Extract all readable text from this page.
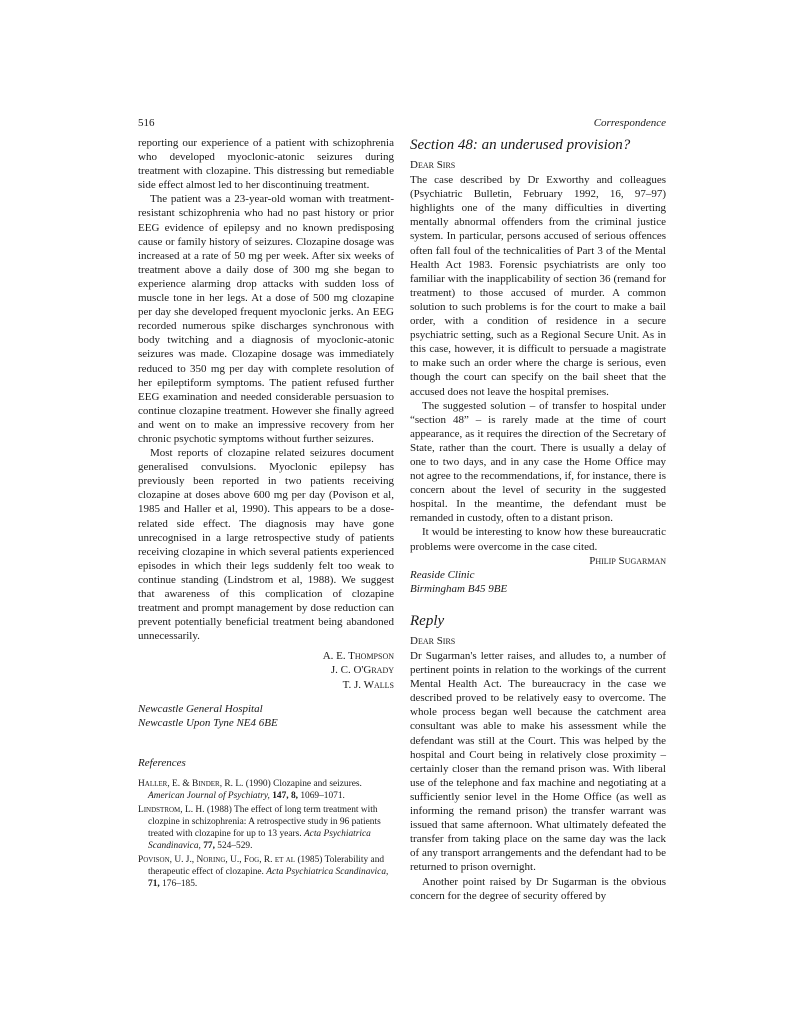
516	Correspondence

reporting our experience of a patient with schizophrenia who developed myoclonic-atonic seizures during treatment with clozapine. This distressing but remediable side effect almost led to her discontinuing treatment.

The patient was a 23-year-old woman with treatment-resistant schizophrenia who had no past history or prior EEG evidence of epilepsy and no known predisposing cause or family history of seizures. Clozapine dosage was increased at a rate of 50 mg per week. After six weeks of treatment above a daily dose of 300 mg she began to experience alarming drop attacks with sudden loss of muscle tone in her legs. At a dose of 500 mg clozapine per day she developed frequent myoclonic jerks. An EEG recorded numerous spike discharges synchronous with body twitching and a diagnosis of myoclonic-atonic seizures was made. Clozapine dosage was immediately reduced to 350 mg per day with complete resolution of her epileptiform symptoms. The patient refused further EEG examination and needed considerable persuasion to continue clozapine treatment. However she finally agreed and went on to make an impressive recovery from her chronic psychotic symptoms without further seizures.

Most reports of clozapine related seizures document generalised convulsions. Myoclonic epilepsy has previously been reported in two patients receiving clozapine at doses above 600 mg per day (Povison et al, 1985 and Haller et al, 1990). This appears to be a dose-related side effect. The diagnosis may have gone unrecognised in a large retrospective study of patients receiving clozapine in which several patients experienced episodes in which their legs suddenly felt too weak to continue standing (Lindstrom et al, 1988). We suggest that awareness of this complication of clozapine treatment and prompt management by dose reduction can prevent potentially beneficial treatment being abandoned unnecessarily.

A. E. Thompson
J. C. O'Grady
T. J. Walls
Newcastle General Hospital
Newcastle Upon Tyne NE4 6BE
References
Haller, E. & Binder, R. L. (1990) Clozapine and seizures. American Journal of Psychiatry, 147, 8, 1069–1071.
Lindstrom, L. H. (1988) The effect of long term treatment with clozpine in schizophrenia: A retrospective study in 96 patients treated with clozapine for up to 13 years. Acta Psychiatrica Scandinavica, 77, 524–529.
Povison, U. J., Noring, U., Fog, R. et al (1985) Tolerability and therapeutic effect of clozapine. Acta Psychiatrica Scandinavica, 71, 176–185.
Section 48: an underused provision?
Dear Sirs

The case described by Dr Exworthy and colleagues (Psychiatric Bulletin, February 1992, 16, 97–97) highlights one of the many difficulties in diverting mentally abnormal offenders from the criminal justice system. In particular, persons accused of serious offences often fall foul of the technicalities of Part 3 of the Mental Health Act 1983. Forensic psychiatrists are only too familiar with the inapplicability of section 36 (remand for treatment) to those accused of murder. A common solution to such problems is for the court to make a bail order, with a condition of residence in a secure psychiatric setting, such as a Regional Secure Unit. As in this case, however, it is difficult to persuade a magistrate to make such an order where the charge is serious, even though the court can specify on the bail sheet that the accused does not leave the hospital premises.

The suggested solution – of transfer to hospital under “section 48” – is rarely made at the time of court appearance, as it requires the direction of the Secretary of State, rather than the court. There is usually a delay of one to two days, and in any case the Home Office may not agree to the recommendations, if, for instance, there is concern about the level of security in the suggested hospital. In the meantime, the defendant must be remanded in custody, often to a distant prison.

It would be interesting to know how these bureaucratic problems were overcome in the case cited.

Philip Sugarman
Reaside Clinic
Birmingham B45 9BE
Reply
Dear Sirs

Dr Sugarman's letter raises, and alludes to, a number of pertinent points in relation to the workings of the current Mental Health Act. The bureaucracy in the case we described proved to be relatively easy to overcome. The whole process began well because the catchment area consultant was able to make his assessment while the defendant was still at the Court. This was helped by the hospital and Court being in relatively close proximity – certainly closer than the remand prison was. With liberal use of the telephone and fax machine and negotiating at a sufficiently senior level in the Home Office (as well as informing the remand prison) the transfer warrant was issued that same afternoon. What ultimately defeated the transfer from taking place on the same day was the lack of any transport arrangements and the defendant had to be returned to prison overnight.

Another point raised by Dr Sugarman is the obvious concern for the degree of security offered by
